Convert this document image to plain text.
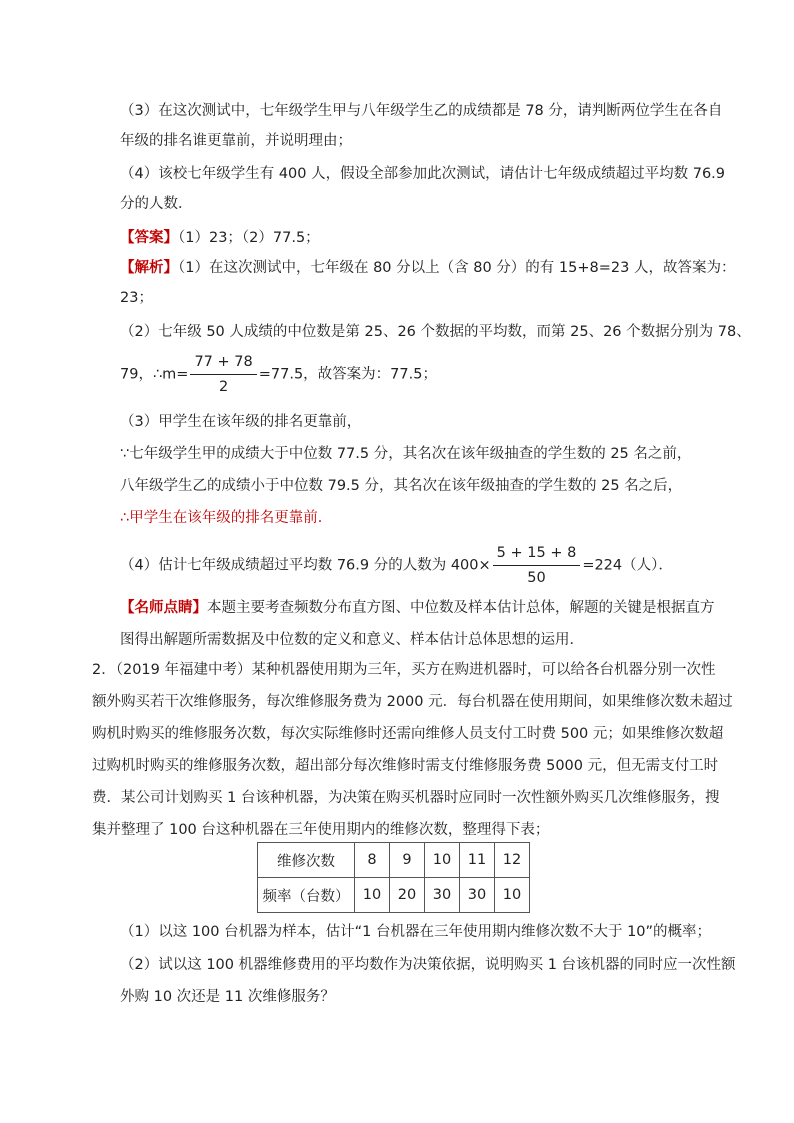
（3）在这次测试中，七年级学生甲与八年级学生乙的成绩都是 78 分，请判断两位学生在各自
年级的排名谁更靠前，并说明理由；
（4）该校七年级学生有 400 人，假设全部参加此次测试，请估计七年级成绩超过平均数 76.9
分的人数．
【答案】（1）23；（2）77.5；
【解析】（1）在这次测试中，七年级在 80 分以上（含 80 分）的有 15+8=23 人，故答案为：
23；
（2）七年级 50 人成绩的中位数是第 25、26 个数据的平均数，而第 25、26 个数据分别为 78、
79，∴m= $\frac{77 + 78}{2} =77.5$，故答案为：77.5；
（3）甲学生在该年级的排名更靠前，
∵七年级学生甲的成绩大于中位数 77.5 分，其名次在该年级抽查的学生数的 25 名之前，
八年级学生乙的成绩小于中位数 79.5 分，其名次在该年级抽查的学生数的 25 名之后，
∴甲学生在该年级的排名更靠前．
（4）估计七年级成绩超过平均数 76.9 分的人数为 $400\times \frac{5 + 15 + 8}{50} =224$（人）．
【名师点睛】本题主要考查频数分布直方图、中位数及样本估计总体，解题的关键是根据直方
图得出解题所需数据及中位数的定义和意义、样本估计总体思想的运用．
2．（2019 年福建中考）某种机器使用期为三年，买方在购进机器时，可以给各台机器分别一次性
额外购买若干次维修服务，每次维修服务费为 2000 元．每台机器在使用期间，如果维修次数未超过
购机时购买的维修服务次数，每次实际维修时还需向维修人员支付工时费 500 元；如果维修次数超
过购机时购买的维修服务次数，超出部分每次维修时需支付维修服务费 5000 元，但无需支付工时
费．某公司计划购买 1 台该种机器，为决策在购买机器时应同时一次性额外购买几次维修服务，搜
集并整理了 100 台这种机器在三年使用期内的维修次数，整理得下表；
维修次数	8	9	10	11	12
频率（台数）	10	20	30	30	10
（1）以这 100 台机器为样本，估计“1 台机器在三年使用期内维修次数不大于 10”的概率；
（2）试以这 100 机器维修费用的平均数作为决策依据，说明购买 1 台该机器的同时应一次性额
外购 10 次还是 11 次维修服务？
